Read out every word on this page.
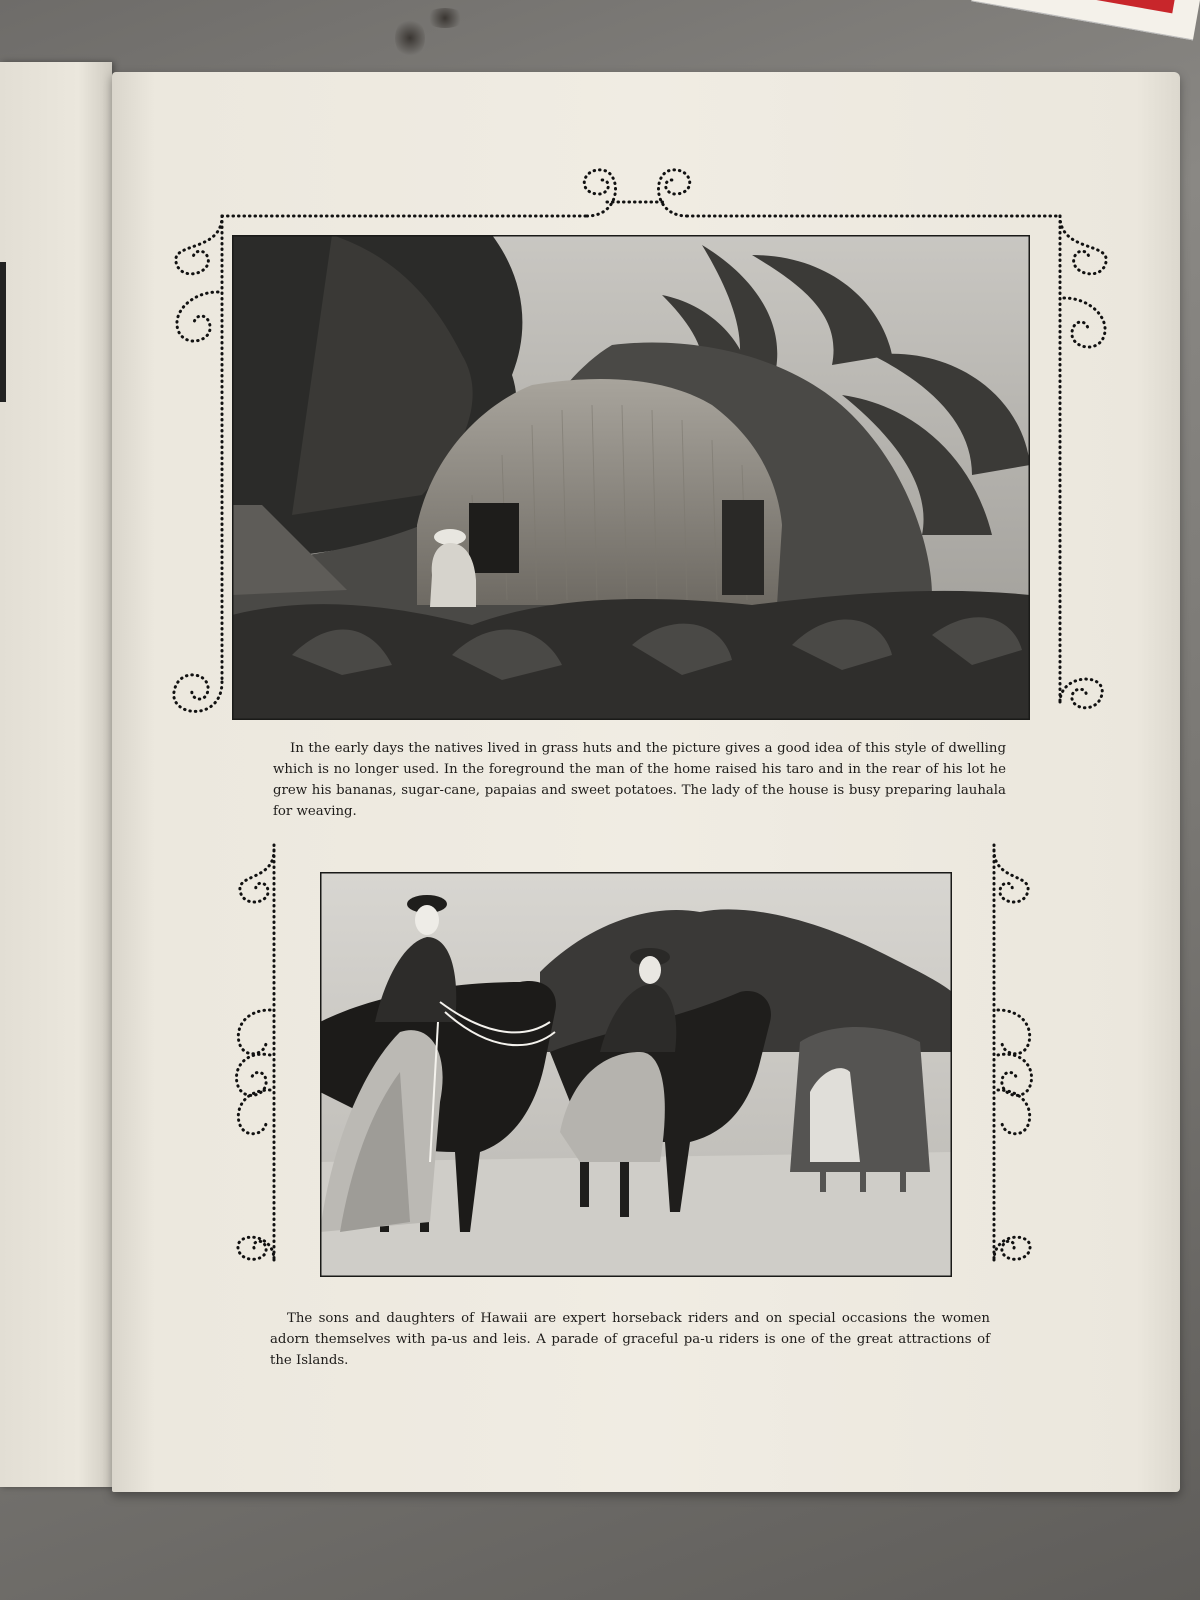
In the early days the natives lived in grass huts and the picture gives a good idea of this style of dwelling which is no longer used. In the foreground the man of the home raised his taro and in the rear of his lot he grew his bananas, sugar-cane, papaias and sweet potatoes. The lady of the house is busy preparing lauhala for weaving.

The sons and daughters of Hawaii are expert horseback riders and on special occasions the women adorn themselves with pa-us and leis. A parade of graceful pa-u riders is one of the great attractions of the Islands.
